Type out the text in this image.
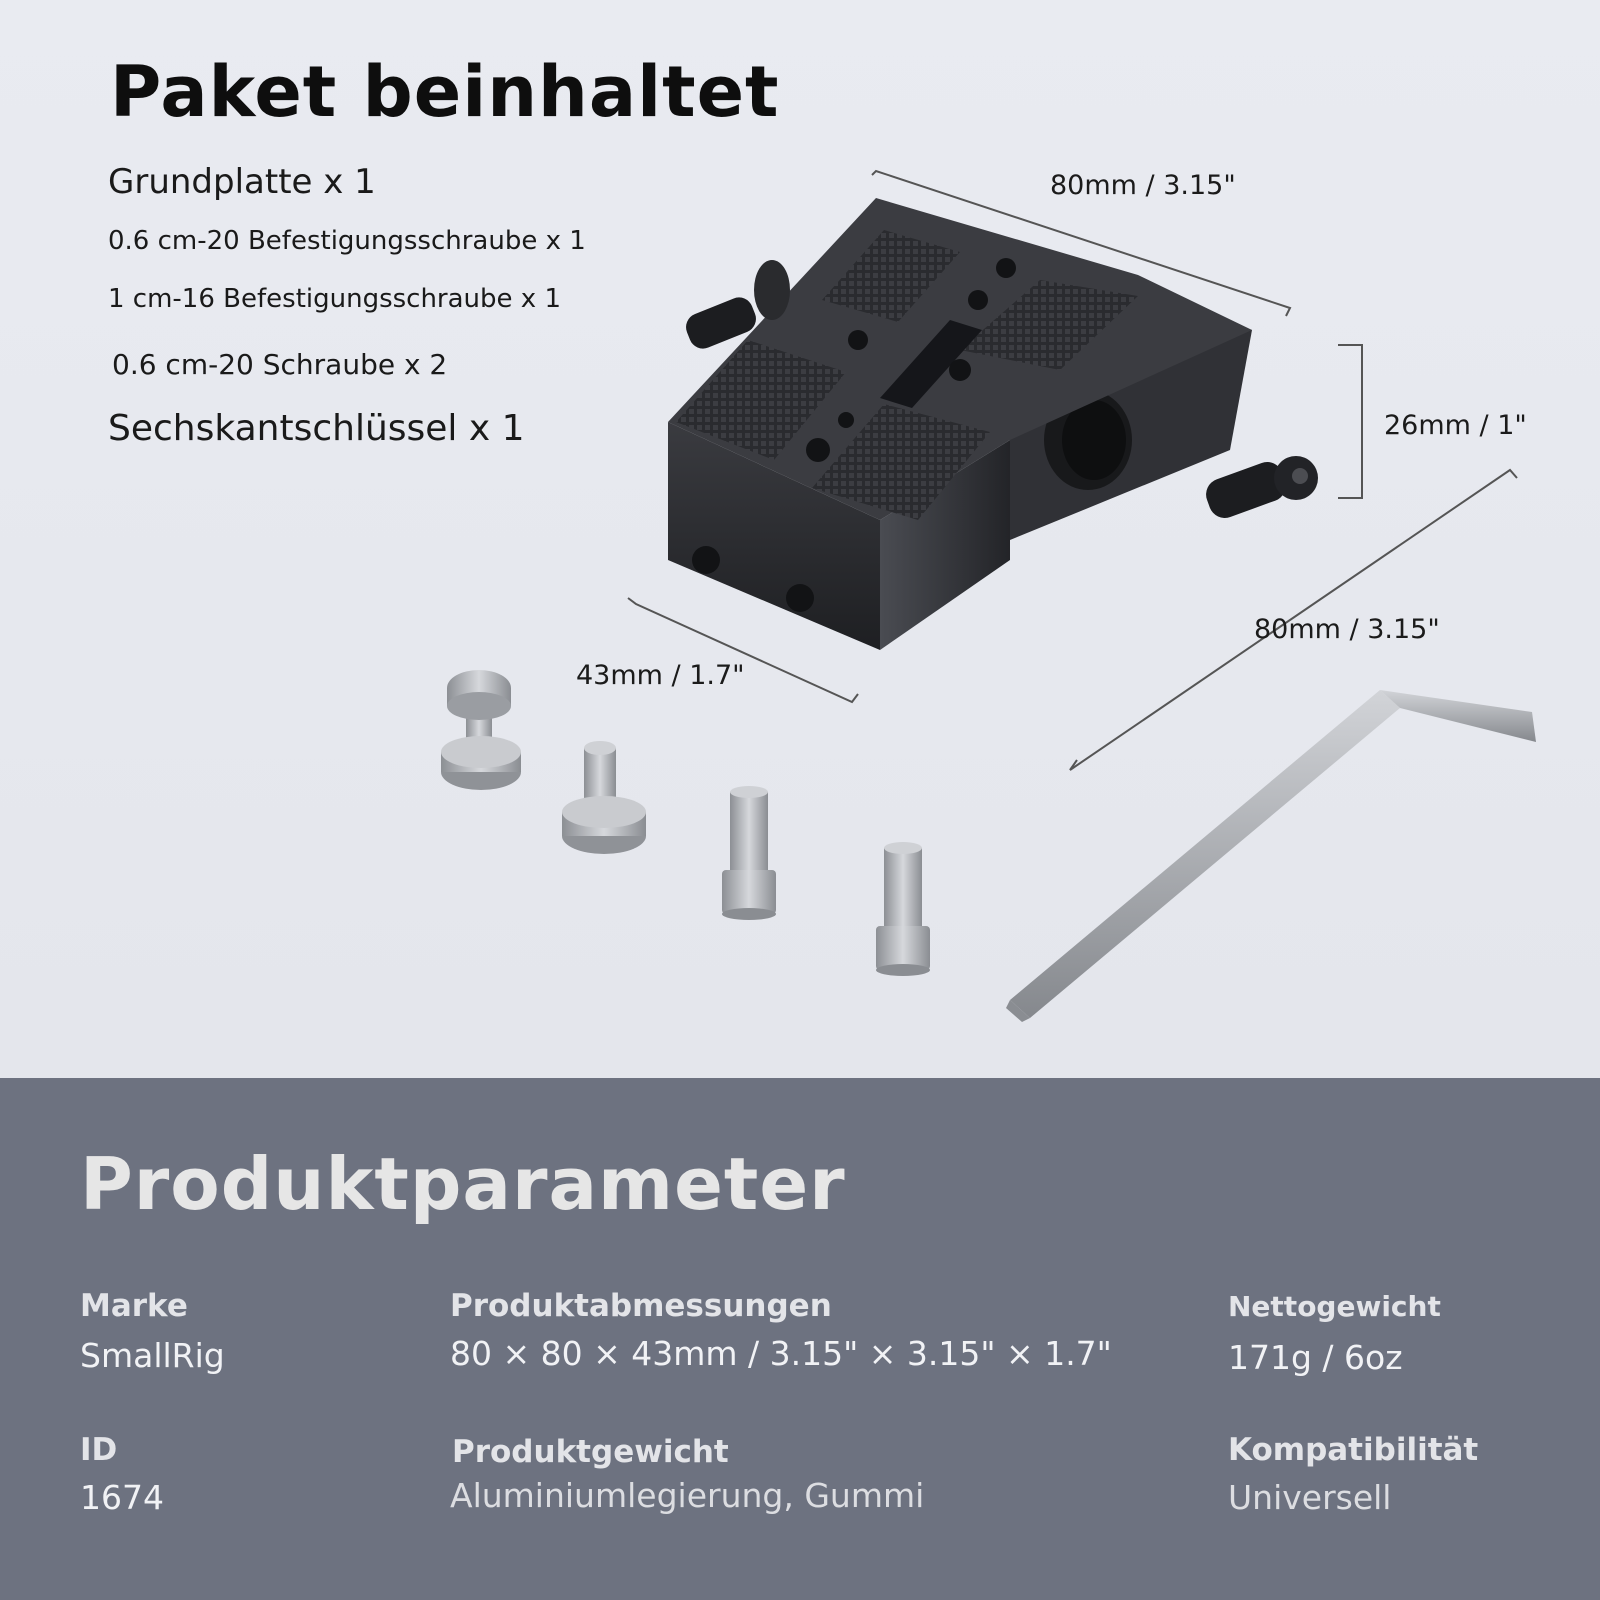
Paket beinhaltet

Grundplatte x 1

0.6 cm-20 Befestigungsschraube x 1

1 cm-16 Befestigungsschraube x 1

0.6 cm-20 Schraube x 2

Sechskantschlüssel x 1

80mm / 3.15"
26mm / 1"
80mm / 3.15"
43mm / 1.7"
Produktparameter
Marke
SmallRig
Produktabmessungen
80 × 80 × 43mm / 3.15" × 3.15" × 1.7"
Nettogewicht
171g / 6oz
ID
1674
Produktgewicht
Aluminiumlegierung, Gummi
Kompatibilität
Universell
